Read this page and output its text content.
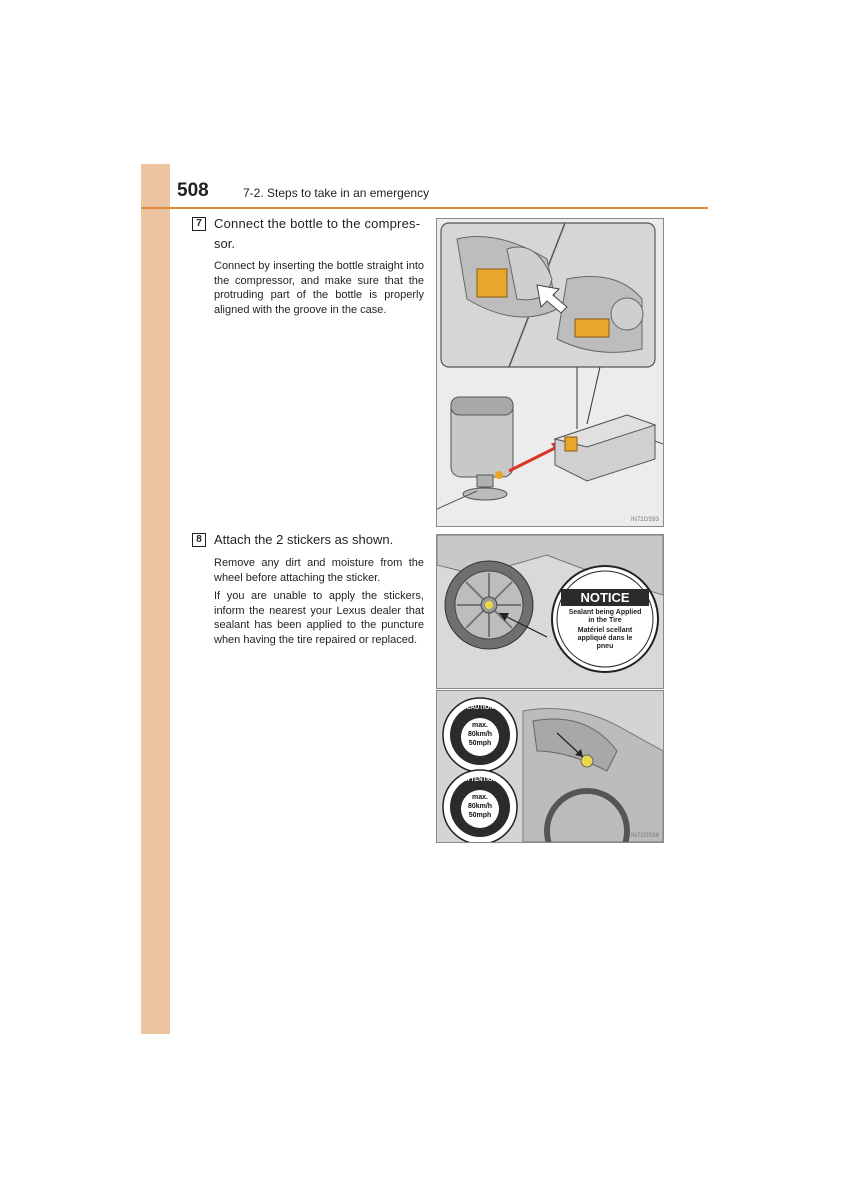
508	7-2. Steps to take in an emergency
7 Connect the bottle to the compres-
sor.

Connect by inserting the bottle straight into the compressor, and make sure that the protruding part of the bottle is properly aligned with the groove in the case.

IN72GS93
8 Attach the 2 stickers as shown.

Remove any dirt and moisture from the wheel before attaching the sticker.

If you are unable to apply the stickers, inform the nearest your Lexus dealer that sealant has been applied to the puncture when having the tire repaired or replaced.

NOTICE
Sealant being Applied
in the Tire
Matériel scellant
appliqué dans le
pneu
CAUTION
max.
80km/h
50mph
ATTENTION
max.
80km/h
50mph
IN72GS98
